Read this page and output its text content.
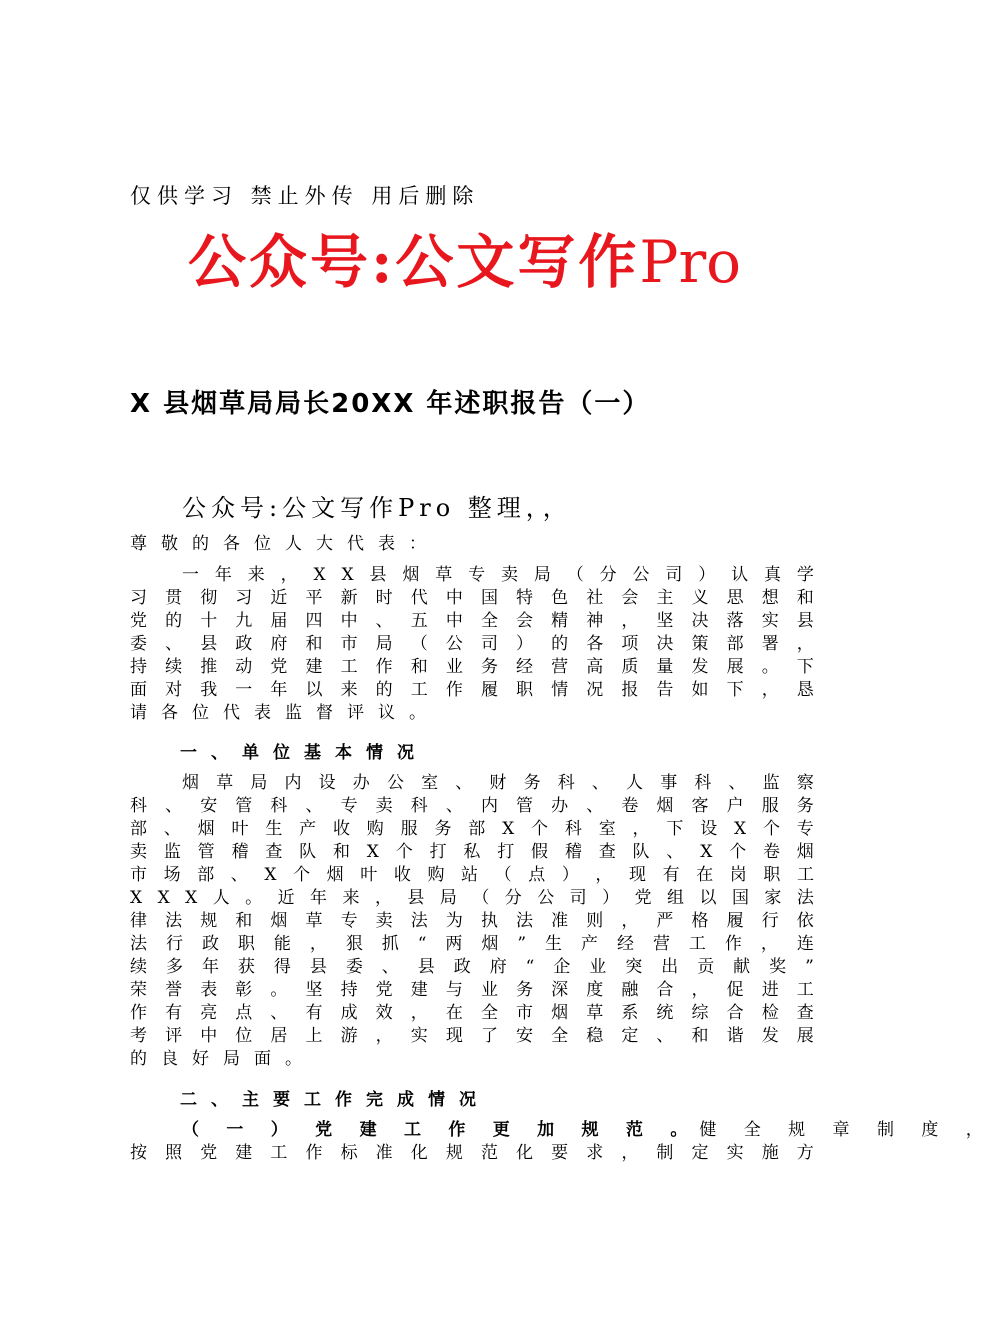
仅供学习 禁止外传 用后删除
公众号:公文写作Pro
X 县烟草局局长20XX 年述职报告（一）
公众号:公文写作Pro 整理，，
尊敬的各位人大代表：
一 年 来 ， X X 县 烟 草 专 卖 局 （ 分 公 司 ） 认 真 学
习 贯 彻 习 近 平 新 时 代 中 国 特 色 社 会 主 义 思 想 和
党 的 十 九 届 四 中 、 五 中 全 会 精 神 ， 坚 决 落 实 县
委 、 县 政 府 和 市 局 （ 公 司 ） 的 各 项 决 策 部 署 ，
持 续 推 动 党 建 工 作 和 业 务 经 营 高 质 量 发 展 。 下
面 对 我 一 年 以 来 的 工 作 履 职 情 况 报 告 如 下 ， 恳
请各位代表监督评议。
一、单位基本情况
烟 草 局 内 设 办 公 室 、 财 务 科 、 人 事 科 、 监 察
科 、 安 管 科 、 专 卖 科 、 内 管 办 、 卷 烟 客 户 服 务
部 、 烟 叶 生 产 收 购 服 务 部 X 个 科 室 ， 下 设 X 个 专
卖 监 管 稽 查 队 和 X 个 打 私 打 假 稽 查 队 、 X 个 卷 烟
市 场 部 、 X 个 烟 叶 收 购 站 （ 点 ） ， 现 有 在 岗 职 工
X X X 人 。 近 年 来 ， 县 局 （ 分 公 司 ） 党 组 以 国 家 法
律 法 规 和 烟 草 专 卖 法 为 执 法 准 则 ， 严 格 履 行 依
法 行 政 职 能 ， 狠 抓 “ 两 烟 ” 生 产 经 营 工 作 ， 连
续 多 年 获 得 县 委 、 县 政 府 “ 企 业 突 出 贡 献 奖 ”
荣 誉 表 彰 。 坚 持 党 建 与 业 务 深 度 融 合 ， 促 进 工
作 有 亮 点 、 有 成 效 ， 在 全 市 烟 草 系 统 综 合 检 查
考 评 中 位 居 上 游 ， 实 现 了 安 全 稳 定 、 和 谐 发 展
的良好局面。
二、主要工作完成情况
（ 一 ） 党 建 工 作 更 加 规 范 。健 全 规 章 制 度 ，
按 照 党 建 工 作 标 准 化 规 范 化 要 求 ， 制 定 实 施 方
